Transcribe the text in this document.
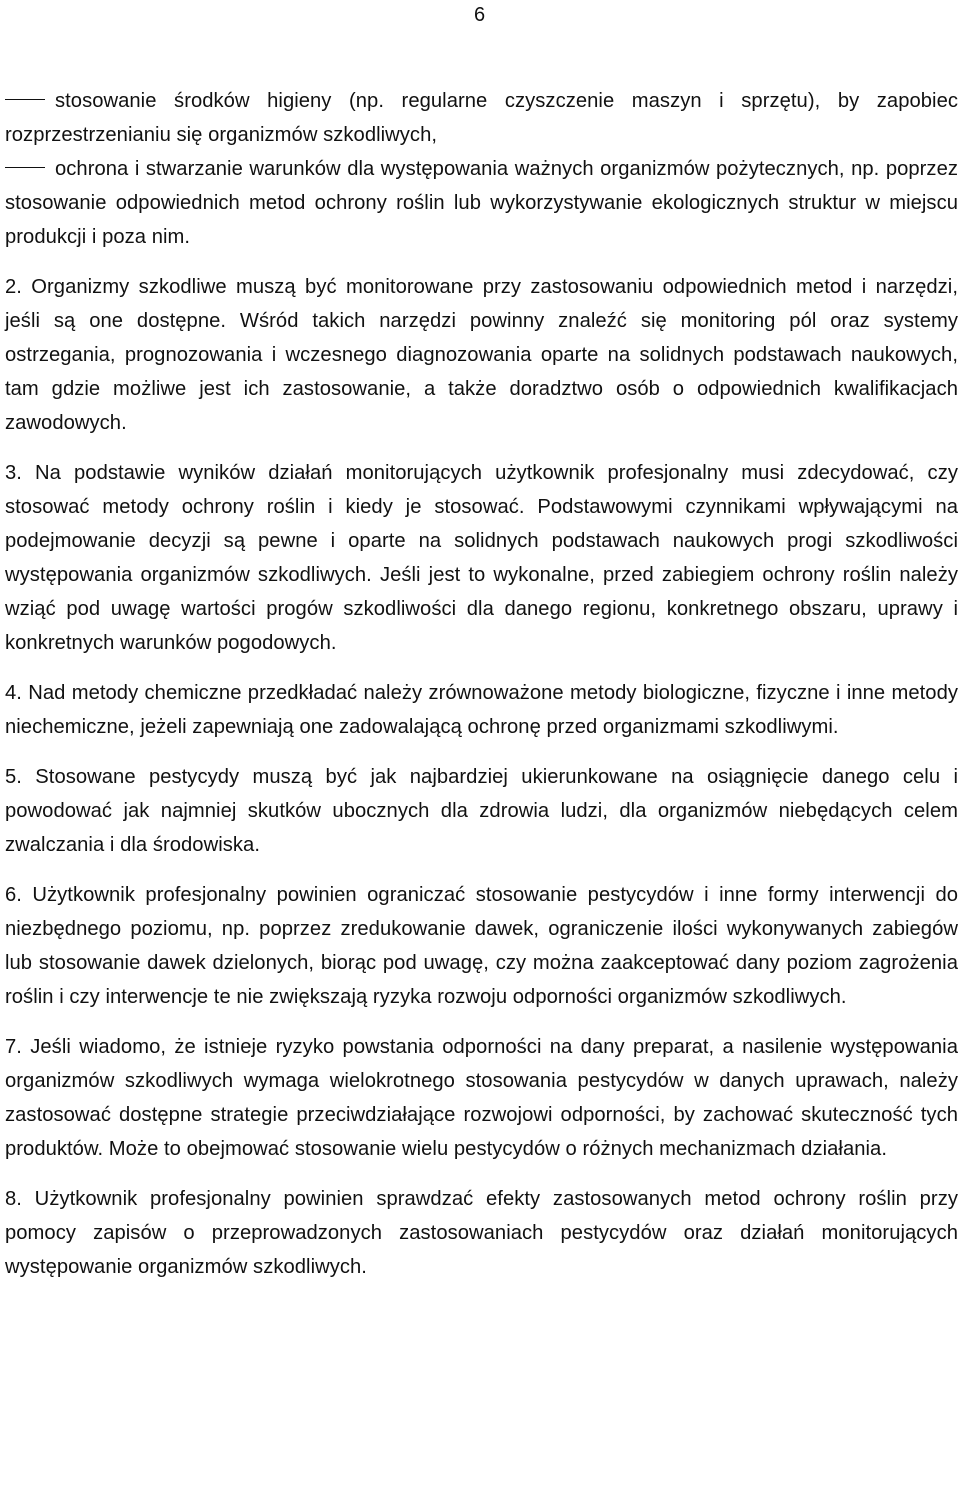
6

stosowanie środków higieny (np. regularne czyszczenie maszyn i sprzętu), by zapobiec rozprzestrzenianiu się organizmów szkodliwych,

ochrona i stwarzanie warunków dla występowania ważnych organizmów pożytecznych, np. poprzez stosowanie odpowiednich metod ochrony roślin lub wykorzystywanie ekologicznych struktur w miejscu produkcji i poza nim.

2. Organizmy szkodliwe muszą być monitorowane przy zastosowaniu odpowiednich metod i narzędzi, jeśli są one dostępne. Wśród takich narzędzi powinny znaleźć się monitoring pól oraz systemy ostrzegania, prognozowania i wczesnego diagnozowania oparte na solidnych podstawach naukowych, tam gdzie możliwe jest ich zastosowanie, a także doradztwo osób o odpowiednich kwalifikacjach zawodowych.

3. Na podstawie wyników działań monitorujących użytkownik profesjonalny musi zdecydować, czy stosować metody ochrony roślin i kiedy je stosować. Podstawowymi czynnikami wpływającymi na podejmowanie decyzji są pewne i oparte na solidnych podstawach naukowych progi szkodliwości występowania organizmów szkodliwych. Jeśli jest to wykonalne, przed zabiegiem ochrony roślin należy wziąć pod uwagę wartości progów szkodliwości dla danego regionu, konkretnego obszaru, uprawy i konkretnych warunków pogodowych.

4. Nad metody chemiczne przedkładać należy zrównoważone metody biologiczne, fizyczne i inne metody niechemiczne, jeżeli zapewniają one zadowalającą ochronę przed organizmami szkodliwymi.

5. Stosowane pestycydy muszą być jak najbardziej ukierunkowane na osiągnięcie danego celu i powodować jak najmniej skutków ubocznych dla zdrowia ludzi, dla organizmów niebędących celem zwalczania i dla środowiska.

6. Użytkownik profesjonalny powinien ograniczać stosowanie pestycydów i inne formy interwencji do niezbędnego poziomu, np. poprzez zredukowanie dawek, ograniczenie ilości wykonywanych zabiegów lub stosowanie dawek dzielonych, biorąc pod uwagę, czy można zaakceptować dany poziom zagrożenia roślin i czy interwencje te nie zwiększają ryzyka rozwoju odporności organizmów szkodliwych.

7. Jeśli wiadomo, że istnieje ryzyko powstania odporności na dany preparat, a nasilenie występowania organizmów szkodliwych wymaga wielokrotnego stosowania pestycydów w danych uprawach, należy zastosować dostępne strategie przeciwdziałające rozwojowi odporności, by zachować skuteczność tych produktów. Może to obejmować stosowanie wielu pestycydów o różnych mechanizmach działania.

8. Użytkownik profesjonalny powinien sprawdzać efekty zastosowanych metod ochrony roślin przy pomocy zapisów o przeprowadzonych zastosowaniach pestycydów oraz działań monitorujących występowanie organizmów szkodliwych.
